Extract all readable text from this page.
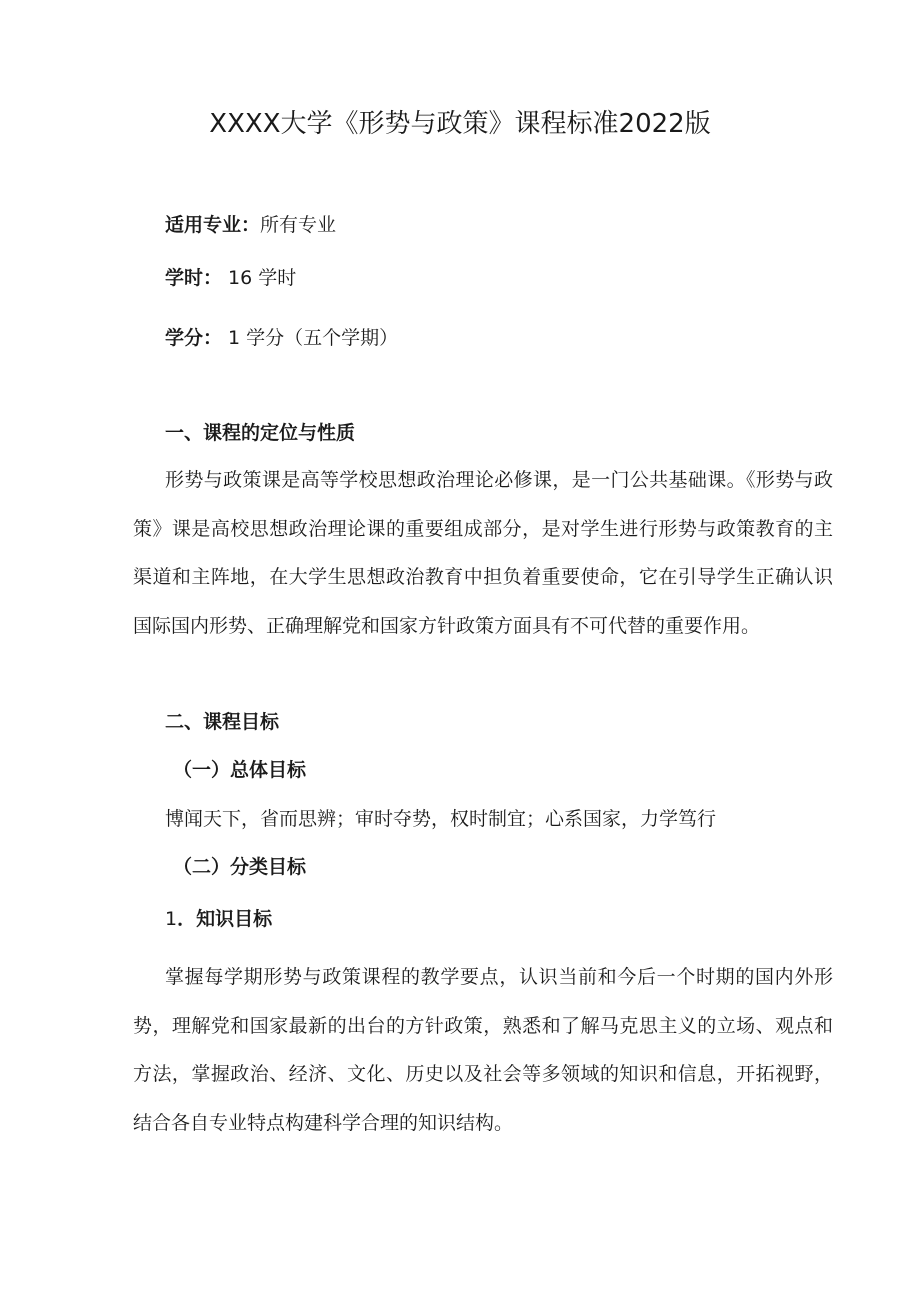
XXXX大学《形势与政策》课程标准2022版

适用专业：所有专业

学时： 16 学时

学分： 1 学分（五个学期）

一、课程的定位与性质

形势与政策课是高等学校思想政治理论必修课，是一门公共基础课。《形势与政策》课是高校思想政治理论课的重要组成部分，是对学生进行形势与政策教育的主渠道和主阵地，在大学生思想政治教育中担负着重要使命，它在引导学生正确认识国际国内形势、正确理解党和国家方针政策方面具有不可代替的重要作用。

二、课程目标
（一）总体目标

博闻天下，省而思辨；审时夺势，权时制宜；心系国家，力学笃行

（二）分类目标

1．知识目标

掌握每学期形势与政策课程的教学要点，认识当前和今后一个时期的国内外形势，理解党和国家最新的出台的方针政策，熟悉和了解马克思主义的立场、观点和方法，掌握政治、经济、文化、历史以及社会等多领域的知识和信息，开拓视野，结合各自专业特点构建科学合理的知识结构。
